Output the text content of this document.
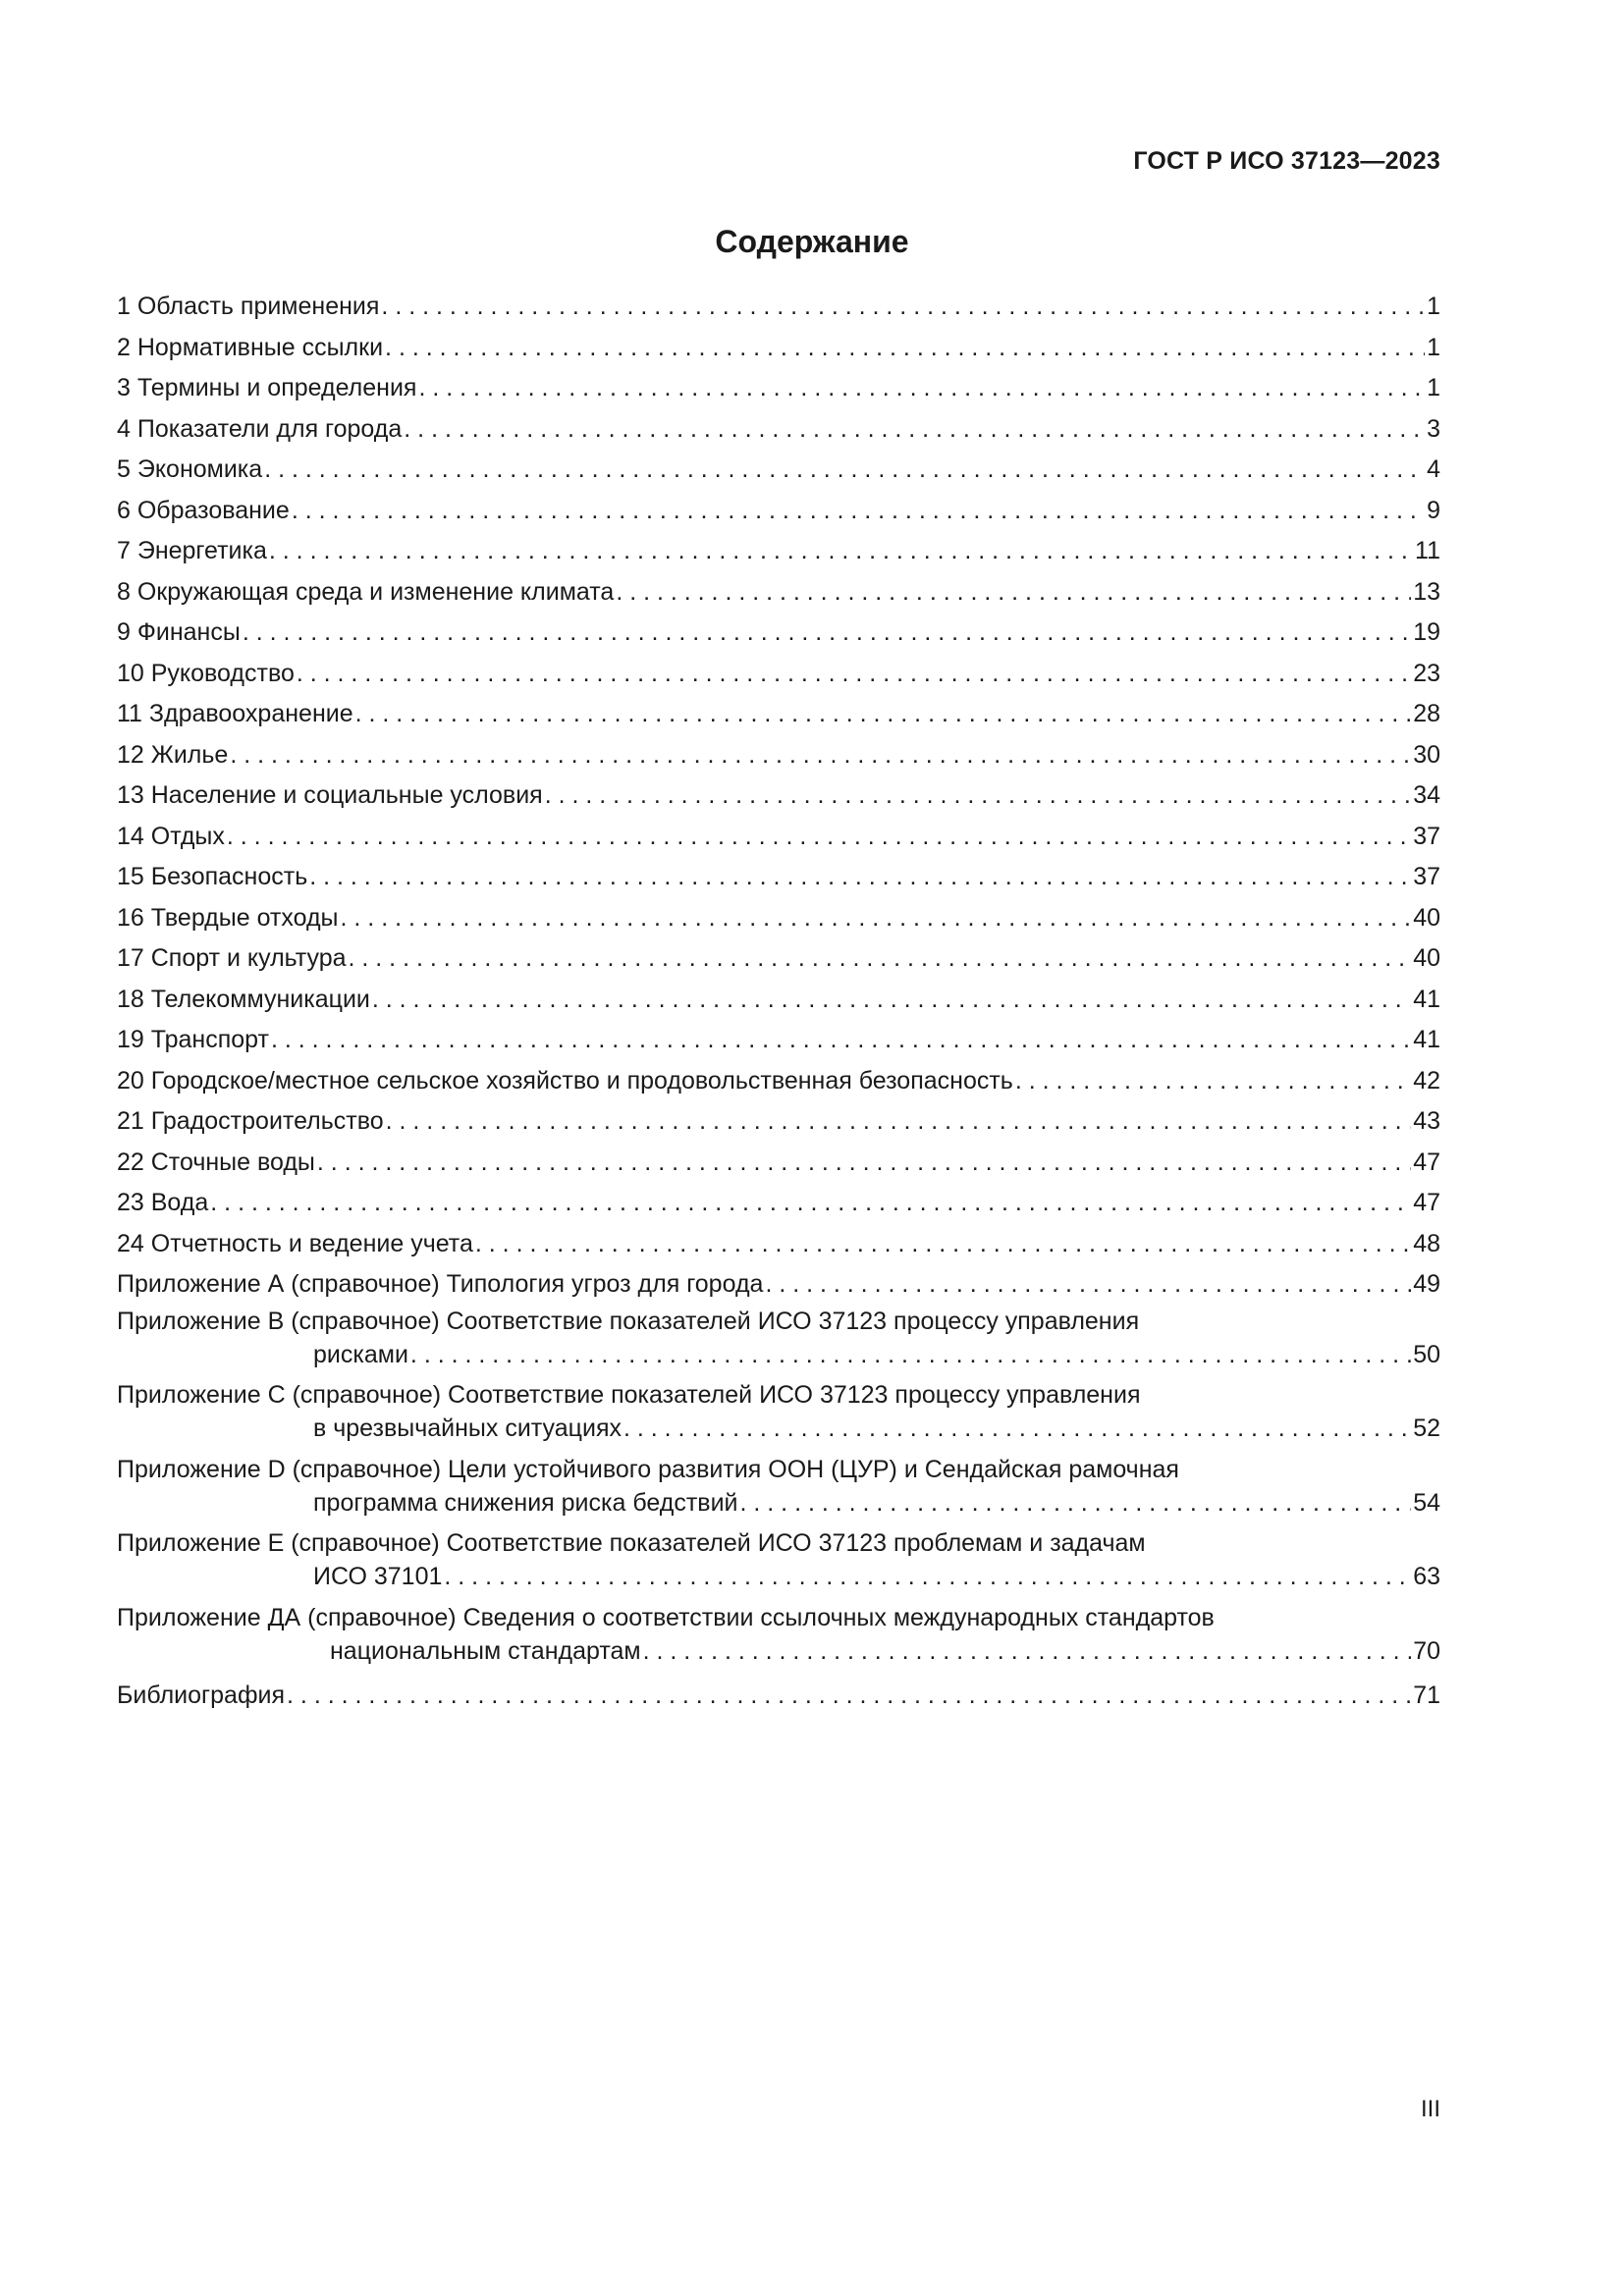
ГОСТ Р ИСО 37123—2023
Содержание
1 Область применения . . .	1
2 Нормативные ссылки . . .	1
3 Термины и определения . . .	1
4 Показатели для города . . .	3
5 Экономика . . .	4
6 Образование . . .	9
7 Энергетика . . .	11
8 Окружающая среда и изменение климата . . .	13
9 Финансы . . .	19
10 Руководство . . .	23
11 Здравоохранение . . .	28
12 Жилье . . .	30
13 Население и социальные условия . . .	34
14 Отдых . . .	37
15 Безопасность . . .	37
16 Твердые отходы . . .	40
17 Спорт и культура . . .	40
18 Телекоммуникации . . .	41
19 Транспорт . . .	41
20 Городское/местное сельское хозяйство и продовольственная безопасность . . .	42
21 Градостроительство . . .	43
22 Сточные воды . . .	47
23 Вода . . .	47
24 Отчетность и ведение учета . . .	48
Приложение А (справочное) Типология угроз для города . . .	49
Приложение В (справочное) Соответствие показателей ИСО 37123 процессу управления
рисками . . .	50
Приложение С (справочное) Соответствие показателей ИСО 37123 процессу управления
в чрезвычайных ситуациях . . .	52
Приложение D (справочное) Цели устойчивого развития ООН (ЦУР) и Сендайская рамочная
программа снижения риска бедствий . . .	54
Приложение Е (справочное) Соответствие показателей ИСО 37123 проблемам и задачам
ИСО 37101 . . .	63
Приложение ДА (справочное) Сведения о соответствии ссылочных международных стандартов
национальным стандартам . . .	70
Библиография . . .	71
III
